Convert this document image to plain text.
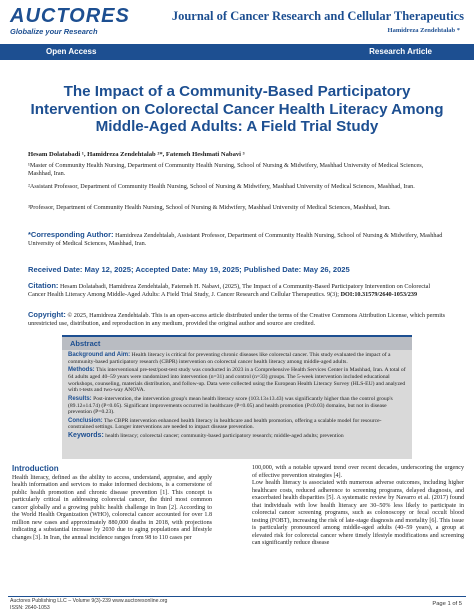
AUCTORES
Globalize your Research
Journal of Cancer Research and Cellular Therapeutics
Hamidreza Zendehtalab *
Open Access	Research Article
The Impact of a Community-Based Participatory Intervention on Colorectal Cancer Health Literacy Among Middle-Aged Adults: A Field Trial Study
Hesam Dolatabadi ¹, Hamidreza Zendehtalab ²*, Fatemeh Heshmati Nabavi ³
¹Master of Community Health Nursing, Department of Community Health Nursing, School of Nursing & Midwifery, Mashhad University of Medical Sciences, Mashhad, Iran.
²Assistant Professor, Department of Community Health Nursing, School of Nursing & Midwifery, Mashhad University of Medical Sciences, Mashhad, Iran.
³Professor, Department of Community Health Nursing, School of Nursing & Midwifery, Mashhad University of Medical Sciences, Mashhad, Iran.
*Corresponding Author: Hamidreza Zendehtalab, Assistant Professor, Department of Community Health Nursing, School of Nursing & Midwifery, Mashhad University of Medical Sciences, Mashhad, Iran.
Received Date: May 12, 2025; Accepted Date: May 19, 2025; Published Date: May 26, 2025
Citation: Hesam Dolatabadi, Hamidreza Zendehtalab, Fatemeh H. Nabavi, (2025), The Impact of a Community-Based Participatory Intervention on Colorectal Cancer Health Literacy Among Middle-Aged Adults: A Field Trial Study, J. Cancer Research and Cellular Therapeutics. 9(3); DOI:10.31579/2640-1053/239
Copyright: © 2025, Hamidreza Zendehtalab. This is an open-access article distributed under the terms of the Creative Commons Attribution License, which permits unrestricted use, distribution, and reproduction in any medium, provided the original author and source are credited.
Abstract

Background and Aim: Health literacy is critical for preventing chronic diseases like colorectal cancer. This study evaluated the impact of a community-based participatory research (CBPR) intervention on colorectal cancer health literacy among middle-aged adults.

Methods: This interventional pre-test/post-test study was conducted in 2023 in a Comprehensive Health Services Center in Mashhad, Iran. A total of 64 adults aged 40–59 years were randomized into intervention (n=31) and control (n=33) groups. The 5-week intervention included educational workshops, counseling, materials distribution, and follow-up. Data were collected using the European Health Literacy Survey (HLS-EU) and analyzed with t-tests and two-way ANOVA.

Results: Post-intervention, the intervention group's mean health literacy score (103.13±13.43) was significantly higher than the control group's (89.12±14.74) (P<0.05). Significant improvements occurred in healthcare (P<0.05) and health promotion (P≤0.03) domains, but not in disease prevention (P=0.23).

Conclusion: The CBPR intervention enhanced health literacy in healthcare and health promotion, offering a scalable model for resource-constrained settings. Longer interventions are needed to impact disease prevention.

Keywords: health literacy; colorectal cancer; community-based participatory research; middle-aged adults; prevention

Introduction

Health literacy, defined as the ability to access, understand, appraise, and apply health information and services to make informed decisions, is a cornerstone of public health promotion and chronic disease prevention [1]. This concept is particularly critical in addressing colorectal cancer, the third most common cancer globally and a growing public health challenge in Iran [2]. According to the World Health Organization (WHO), colorectal cancer accounted for over 1.8 million new cases and approximately 880,000 deaths in 2018, with projections indicating a substantial increase by 2030 due to aging populations and lifestyle changes [3]. In Iran, the annual incidence ranges from 98 to 110 cases per

100,000, with a notable upward trend over recent decades, underscoring the urgency of effective prevention strategies [4].
Low health literacy is associated with numerous adverse outcomes, including higher healthcare costs, reduced adherence to screening programs, delayed diagnosis, and exacerbated health disparities [5]. A systematic review by Navarro et al. (2017) found that individuals with low health literacy are 30–50% less likely to participate in colorectal cancer screening programs, such as colonoscopy or fecal occult blood testing (FOBT), increasing the risk of late-stage diagnosis and mortality [6]. This issue is particularly pronounced among middle-aged adults (40–59 years), a group at elevated risk for colorectal cancer where timely lifestyle modifications and screening can significantly reduce disease

Auctores Publishing LLC – Volume 9(3)-239 www.auctoresonline.org
ISSN: 2640-1053
Page 1 of 5
